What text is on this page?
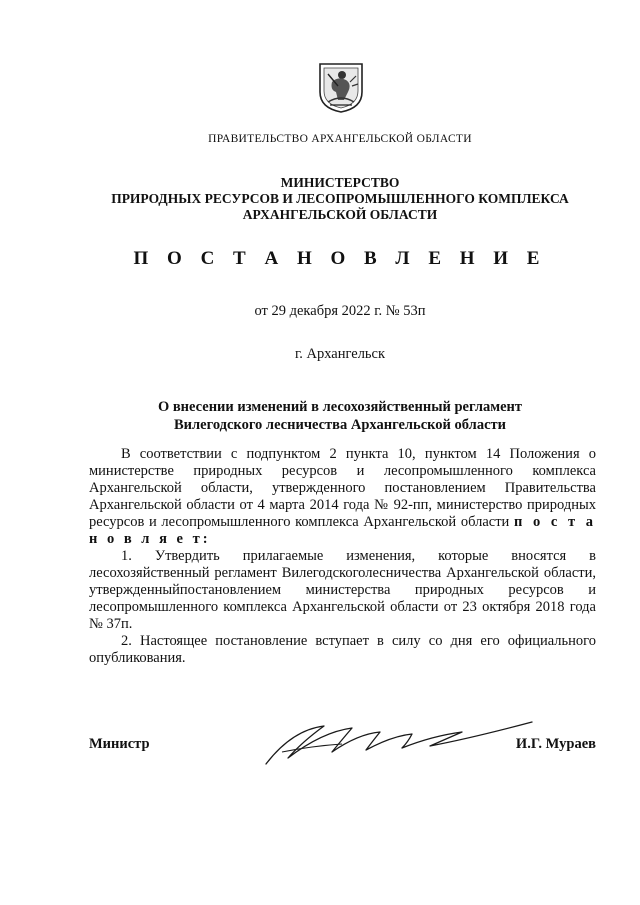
ПРАВИТЕЛЬСТВО АРХАНГЕЛЬСКОЙ ОБЛАСТИ
МИНИСТЕРСТВО
ПРИРОДНЫХ РЕСУРСОВ И ЛЕСОПРОМЫШЛЕННОГО КОМПЛЕКСА
АРХАНГЕЛЬСКОЙ ОБЛАСТИ
П О С Т А Н О В Л Е Н И Е
от 29 декабря 2022 г. № 53п
г. Архангельск
О внесении изменений в лесохозяйственный регламент
Вилегодского лесничества Архангельской области

В соответствии с подпунктом 2 пункта 10, пунктом 14 Положения о министерстве природных ресурсов и лесопромышленного комплекса Архангельской области, утвержденного постановлением Правительства Архангельской области от 4 марта 2014 года № 92-пп, министерство природных ресурсов и лесопромышленного комплекса Архангельской области п о с т а н о в л я е т:

1. Утвердить прилагаемые изменения, которые вносятся в лесохозяйственный регламент Вилегодскоголесничества Архангельской области, утвержденныйпостановлением министерства природных ресурсов и лесопромышленного комплекса Архангельской области от 23 октября 2018 года № 37п.

2. Настоящее постановление вступает в силу со дня его официального опубликования.

Министр	И.Г. Мураев
